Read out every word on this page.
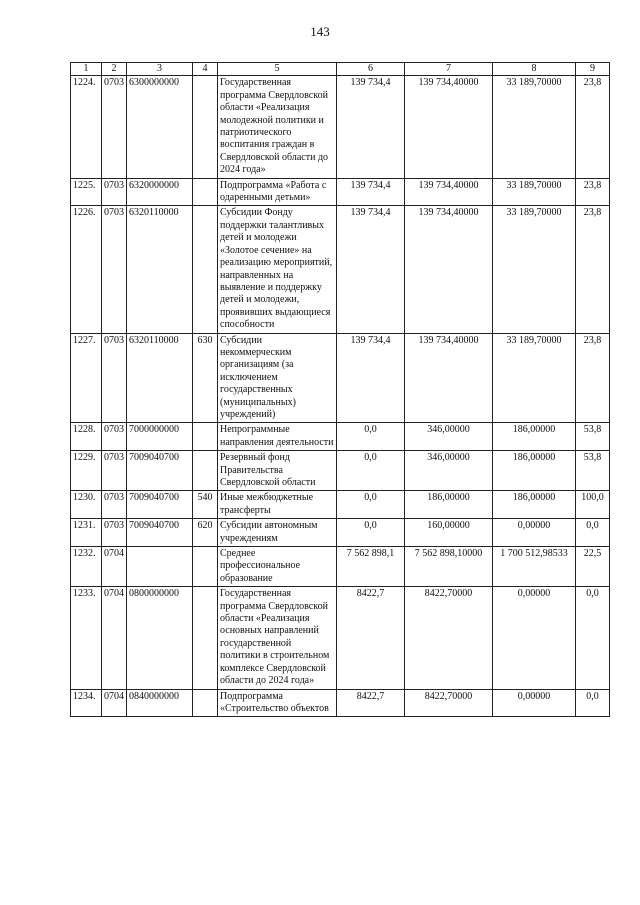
143
1	2	3	4	5	6	7	8	9
1224.	0703	6300000000		Государственная программа Свердловской области «Реализация молодежной политики и патриотического воспитания граждан в Свердловской области до 2024 года»	139 734,4	139 734,40000	33 189,70000	23,8
1225.	0703	6320000000		Подпрограмма «Работа с одаренными детьми»	139 734,4	139 734,40000	33 189,70000	23,8
1226.	0703	6320110000		Субсидии Фонду поддержки талантливых детей и молодежи «Золотое сечение» на реализацию мероприятий, направленных на выявление и поддержку детей и молодежи, проявивших выдающиеся способности	139 734,4	139 734,40000	33 189,70000	23,8
1227.	0703	6320110000	630	Субсидии некоммерческим организациям (за исключением государственных (муниципальных) учреждений)	139 734,4	139 734,40000	33 189,70000	23,8
1228.	0703	7000000000		Непрограммные направления деятельности	0,0	346,00000	186,00000	53,8
1229.	0703	7009040700		Резервный фонд Правительства Свердловской области	0,0	346,00000	186,00000	53,8
1230.	0703	7009040700	540	Иные межбюджетные трансферты	0,0	186,00000	186,00000	100,0
1231.	0703	7009040700	620	Субсидии автономным учреждениям	0,0	160,00000	0,00000	0,0
1232.	0704			Среднее профессиональное образование	7 562 898,1	7 562 898,10000	1 700 512,98533	22,5
1233.	0704	0800000000		Государственная программа Свердловской области «Реализация основных направлений государственной политики в строительном комплексе Свердловской области до 2024 года»	8422,7	8422,70000	0,00000	0,0
1234.	0704	0840000000		Подпрограмма «Строительство объектов	8422,7	8422,70000	0,00000	0,0
